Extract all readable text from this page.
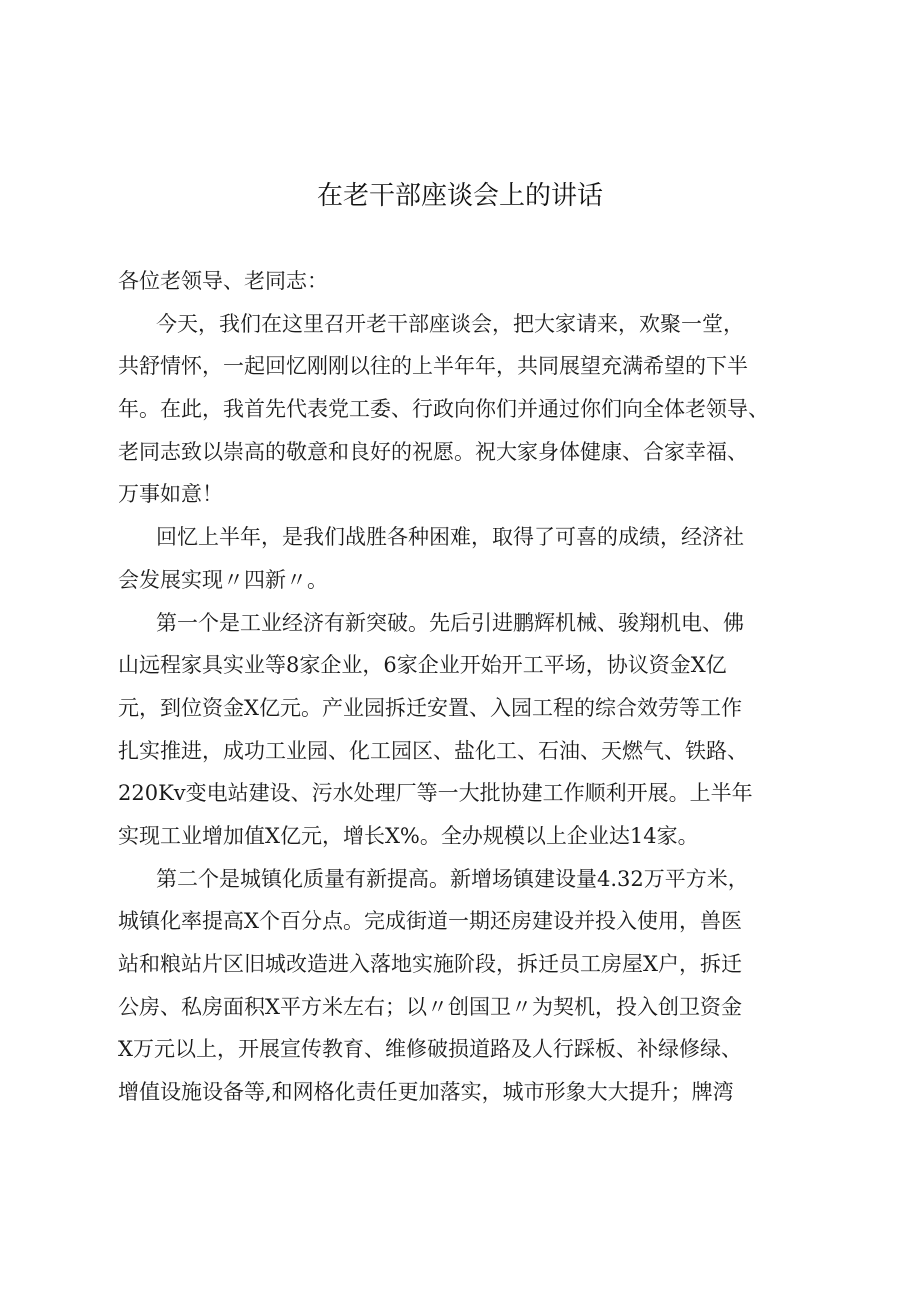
在老干部座谈会上的讲话
各位老领导、老同志：
今天，我们在这里召开老干部座谈会，把大家请来，欢聚一堂，
共舒情怀，一起回忆刚刚以往的上半年年，共同展望充满希望的下半
年。在此，我首先代表党工委、行政向你们并通过你们向全体老领导、
老同志致以崇高的敬意和良好的祝愿。祝大家身体健康、合家幸福、
万事如意！
回忆上半年，是我们战胜各种困难，取得了可喜的成绩，经济社
会发展实现〃四新〃。
第一个是工业经济有新突破。先后引进鹏辉机械、骏翔机电、佛
山远程家具实业等8家企业，6家企业开始开工平场，协议资金X亿
元，到位资金X亿元。产业园拆迁安置、入园工程的综合效劳等工作
扎实推进，成功工业园、化工园区、盐化工、石油、天燃气、铁路、
220Kv变电站建设、污水处理厂等一大批协建工作顺利开展。上半年
实现工业增加值X亿元，增长X%。全办规模以上企业达14家。
第二个是城镇化质量有新提高。新增场镇建设量4.32万平方米，
城镇化率提高X个百分点。完成街道一期还房建设并投入使用，兽医
站和粮站片区旧城改造进入落地实施阶段，拆迁员工房屋X户，拆迁
公房、私房面积X平方米左右；以〃创国卫〃为契机，投入创卫资金
X万元以上，开展宣传教育、维修破损道路及人行踩板、补绿修绿、
增值设施设备等,和网格化责任更加落实，城市形象大大提升；牌湾
